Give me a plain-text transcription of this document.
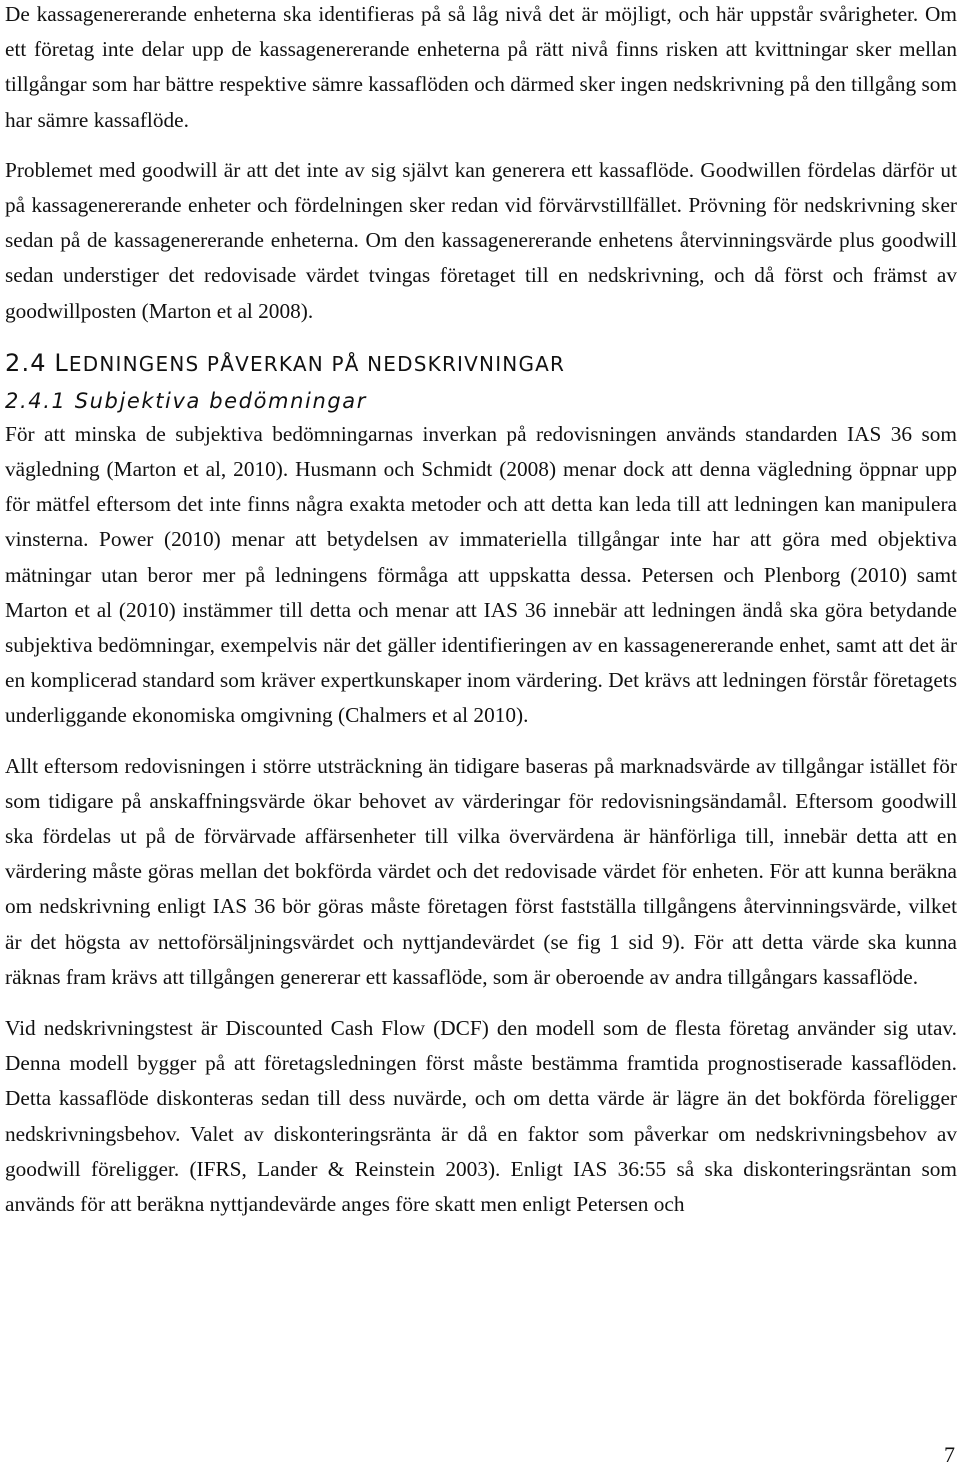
De kassagenererande enheterna ska identifieras på så låg nivå det är möjligt, och här uppstår svårigheter. Om ett företag inte delar upp de kassagenererande enheterna på rätt nivå finns risken att kvittningar sker mellan tillgångar som har bättre respektive sämre kassaflöden och därmed sker ingen nedskrivning på den tillgång som har sämre kassaflöde.

Problemet med goodwill är att det inte av sig självt kan generera ett kassaflöde. Goodwillen fördelas därför ut på kassagenererande enheter och fördelningen sker redan vid förvärvstillfället. Prövning för nedskrivning sker sedan på de kassagenererande enheterna. Om den kassagenererande enhetens återvinningsvärde plus goodwill sedan understiger det redovisade värdet tvingas företaget till en nedskrivning, och då först och främst av goodwillposten (Marton et al 2008).

2.4 LEDNINGENS PÅVERKAN PÅ NEDSKRIVNINGAR
2.4.1 Subjektiva bedömningar

För att minska de subjektiva bedömningarnas inverkan på redovisningen används standarden IAS 36 som vägledning (Marton et al, 2010). Husmann och Schmidt (2008) menar dock att denna vägledning öppnar upp för mätfel eftersom det inte finns några exakta metoder och att detta kan leda till att ledningen kan manipulera vinsterna. Power (2010) menar att betydelsen av immateriella tillgångar inte har att göra med objektiva mätningar utan beror mer på ledningens förmåga att uppskatta dessa. Petersen och Plenborg (2010) samt Marton et al (2010) instämmer till detta och menar att IAS 36 innebär att ledningen ändå ska göra betydande subjektiva bedömningar, exempelvis när det gäller identifieringen av en kassagenererande enhet, samt att det är en komplicerad standard som kräver expertkunskaper inom värdering. Det krävs att ledningen förstår företagets underliggande ekonomiska omgivning (Chalmers et al 2010).

Allt eftersom redovisningen i större utsträckning än tidigare baseras på marknadsvärde av tillgångar istället för som tidigare på anskaffningsvärde ökar behovet av värderingar för redovisningsändamål. Eftersom goodwill ska fördelas ut på de förvärvade affärsenheter till vilka övervärdena är hänförliga till, innebär detta att en värdering måste göras mellan det bokförda värdet och det redovisade värdet för enheten. För att kunna beräkna om nedskrivning enligt IAS 36 bör göras måste företagen först fastställa tillgångens återvinningsvärde, vilket är det högsta av nettoförsäljningsvärdet och nyttjandevärdet (se fig 1 sid 9). För att detta värde ska kunna räknas fram krävs att tillgången genererar ett kassaflöde, som är oberoende av andra tillgångars kassaflöde.

Vid nedskrivningstest är Discounted Cash Flow (DCF) den modell som de flesta företag använder sig utav. Denna modell bygger på att företagsledningen först måste bestämma framtida prognostiserade kassaflöden. Detta kassaflöde diskonteras sedan till dess nuvärde, och om detta värde är lägre än det bokförda föreligger nedskrivningsbehov. Valet av diskonteringsränta är då en faktor som påverkar om nedskrivningsbehov av goodwill föreligger. (IFRS, Lander & Reinstein 2003). Enligt IAS 36:55 så ska diskonteringsräntan som används för att beräkna nyttjandevärde anges före skatt men enligt Petersen och

7
